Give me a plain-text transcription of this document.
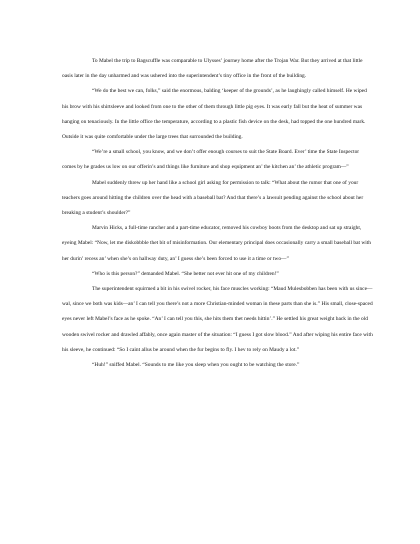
To Mabel the trip to Bagscuffle was comparable to Ulysses’ journey home after the Trojan War. But they arrived at that little oasis later in the day unharmed and was ushered into the superintendent’s tiny office in the front of the building.

“We do the best we can, folks,” said the enormous, balding ‘keeper of the grounds’, as he laughingly called himself. He wiped his brow with his shirtsleeve and looked from one to the other of them through little pig eyes. It was early fall but the heat of summer was hanging on tenaciously. In the little office the temperature, according to a plastic fish device on the desk, had topped the one hundred mark. Outside it was quite comfortable under the large trees that surrounded the building.

“We’re a small school, you know, and we don’t offer enough courses to suit the State Board. Ever’ time the State Inspector comes by he grades us low on our offerin’s and things like furniture and shop equipment an’ the kitchen an’ the athletic program—”

Mabel suddenly threw up her hand like a school girl asking for permission to talk: “What about the rumor that one of your teachers goes around hitting the children over the head with a baseball bat? And that there’s a lawsuit pending against the school about her breaking a student’s shoulder?”

Marvin Hicks, a full-time rancher and a part-time educator, removed his cowboy boots from the desktop and sat up straight, eyeing Mabel: “Now, let me diskobbble thet bit of misinformation. Our elementary principal does occasionally carry a small baseball bat with her durin’ recess an’ when she’s on hallway duty, an’ I guess she’s been forced to use it a time or two—”

“Who is this person?” demanded Mabel. “She better not ever hit one of my children!”

The superintendent squirmed a bit in his swivel rocker, his face muscles working: “Maud Mulesbobben has been with us since—wal, since we both was kids—an’ I can tell you there’s not a more Christian-minded woman in these parts than she is.” His small, close-spaced eyes never left Mabel’s face as he spoke. “An’ I can tell you this, she hits them thet needs hittin’.” He settled his great weight back in the old wooden swivel rocker and drawled affably, once again master of the situation: “I guess I got slow blood.” And after wiping his entire face with his sleeve, he continued: “So I caint allus be around when the fur begins to fly. I hev to rely on Maudy a lot.”

“Huh!” sniffed Mabel. “Sounds to me like you sleep when you ought to be watching the store.”
